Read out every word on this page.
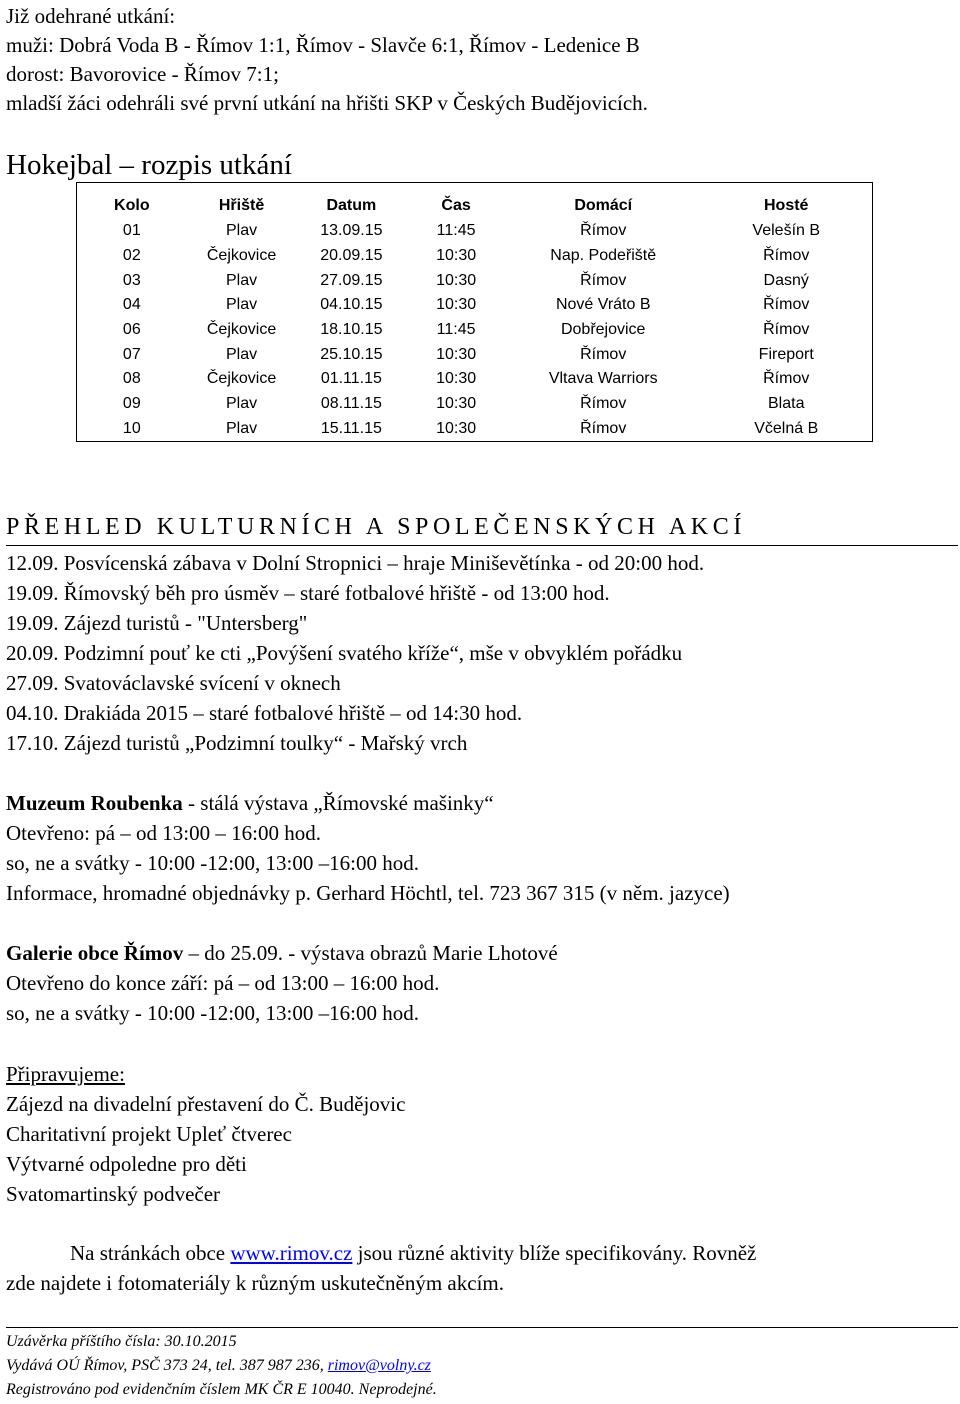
Již odehrané utkání:
muži: Dobrá Voda B - Římov 1:1, Římov - Slavče 6:1, Římov - Ledenice B
dorost: Bavorovice - Římov 7:1;
mladší žáci odehráli své první utkání na hřišti SKP v Českých Budějovicích.
Hokejbal – rozpis utkání
Kolo	Hřiště	Datum	Čas	Domácí	Hosté
01	Plav	13.09.15	11:45	Římov	Velešín B
02	Čejkovice	20.09.15	10:30	Nap. Podeřiště	Římov
03	Plav	27.09.15	10:30	Římov	Dasný
04	Plav	04.10.15	10:30	Nové Vráto B	Římov
06	Čejkovice	18.10.15	11:45	Dobřejovice	Římov
07	Plav	25.10.15	10:30	Římov	Fireport
08	Čejkovice	01.11.15	10:30	Vltava Warriors	Římov
09	Plav	08.11.15	10:30	Římov	Blata
10	Plav	15.11.15	10:30	Římov	Včelná B
PŘEHLED KULTURNÍCH A SPOLEČENSKÝCH AKCÍ
12.09. Posvícenská zábava v Dolní Stropnici – hraje Miniševětínka - od 20:00 hod.
19.09. Římovský běh pro úsměv – staré fotbalové hřiště - od 13:00 hod.
19.09. Zájezd turistů - "Untersberg"
20.09. Podzimní pouť ke cti „Povýšení svatého kříže“, mše v obvyklém pořádku
27.09. Svatováclavské svícení v oknech
04.10. Drakiáda 2015 – staré fotbalové hřiště – od 14:30 hod.
17.10. Zájezd turistů „Podzimní toulky“ - Mařský vrch
Muzeum Roubenka - stálá výstava „Římovské mašinky“
Otevřeno: pá – od 13:00 – 16:00 hod.
so, ne a svátky - 10:00 -12:00, 13:00 –16:00 hod.
Informace, hromadné objednávky p. Gerhard Höchtl, tel. 723 367 315 (v něm. jazyce)
Galerie obce Římov – do 25.09. - výstava obrazů Marie Lhotové
Otevřeno do konce září: pá – od 13:00 – 16:00 hod.
so, ne a svátky - 10:00 -12:00, 13:00 –16:00 hod.
Připravujeme:
Zájezd na divadelní přestavení do Č. Budějovic
Charitativní projekt Upleť čtverec
Výtvarné odpoledne pro děti
Svatomartinský podvečer
Na stránkách obce www.rimov.cz jsou různé aktivity blíže specifikovány. Rovněž
zde najdete i fotomateriály k různým uskutečněným akcím.
Uzávěrka příštího čísla: 30.10.2015
Vydává OÚ Římov, PSČ 373 24, tel. 387 987 236, rimov@volny.cz
Registrováno pod evidenčním číslem MK ČR E 10040. Neprodejné.
